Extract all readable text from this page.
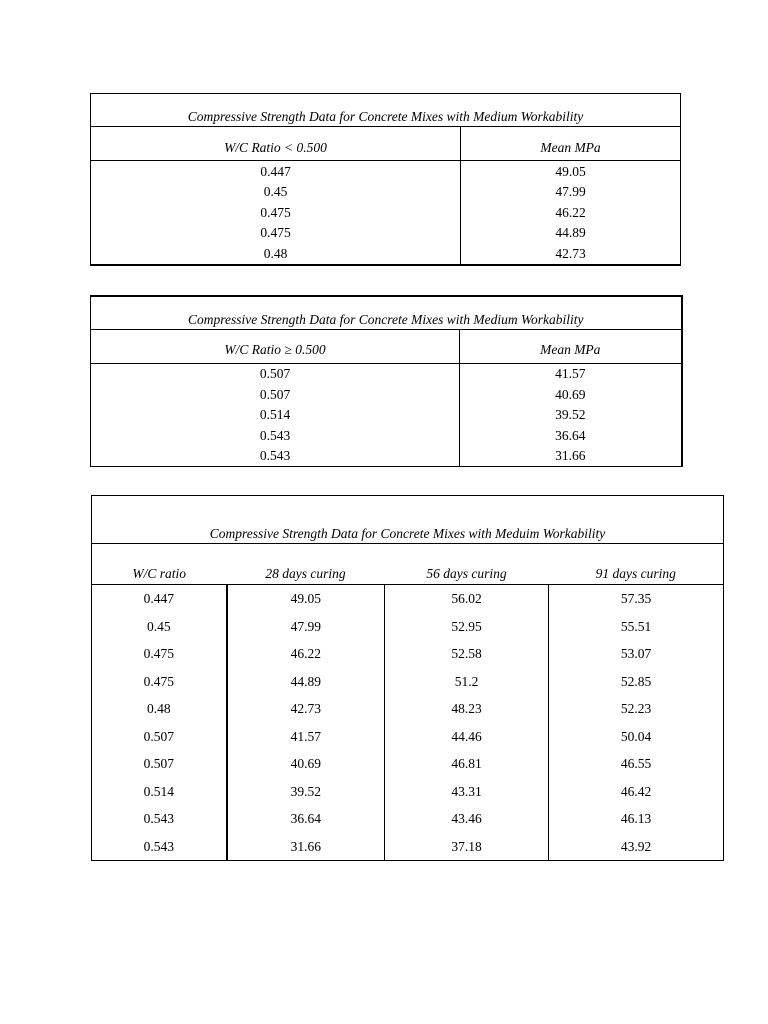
Compressive Strength Data for Concrete Mixes with Medium Workability	
W/C Ratio < 0.500	Mean MPa
0.447	49.05
0.45	47.99
0.475	46.22
0.475	44.89
0.48	42.73
Compressive Strength Data for Concrete Mixes with Medium Workability	
W/C Ratio ≥ 0.500	Mean MPa
0.507	41.57
0.507	40.69
0.514	39.52
0.543	36.64
0.543	31.66
Compressive Strength Data for Concrete Mixes with Meduim Workability			
W/C ratio	28 days curing	56 days curing	91 days curing
0.447	49.05	56.02	57.35
0.45	47.99	52.95	55.51
0.475	46.22	52.58	53.07
0.475	44.89	51.2	52.85
0.48	42.73	48.23	52.23
0.507	41.57	44.46	50.04
0.507	40.69	46.81	46.55
0.514	39.52	43.31	46.42
0.543	36.64	43.46	46.13
0.543	31.66	37.18	43.92
